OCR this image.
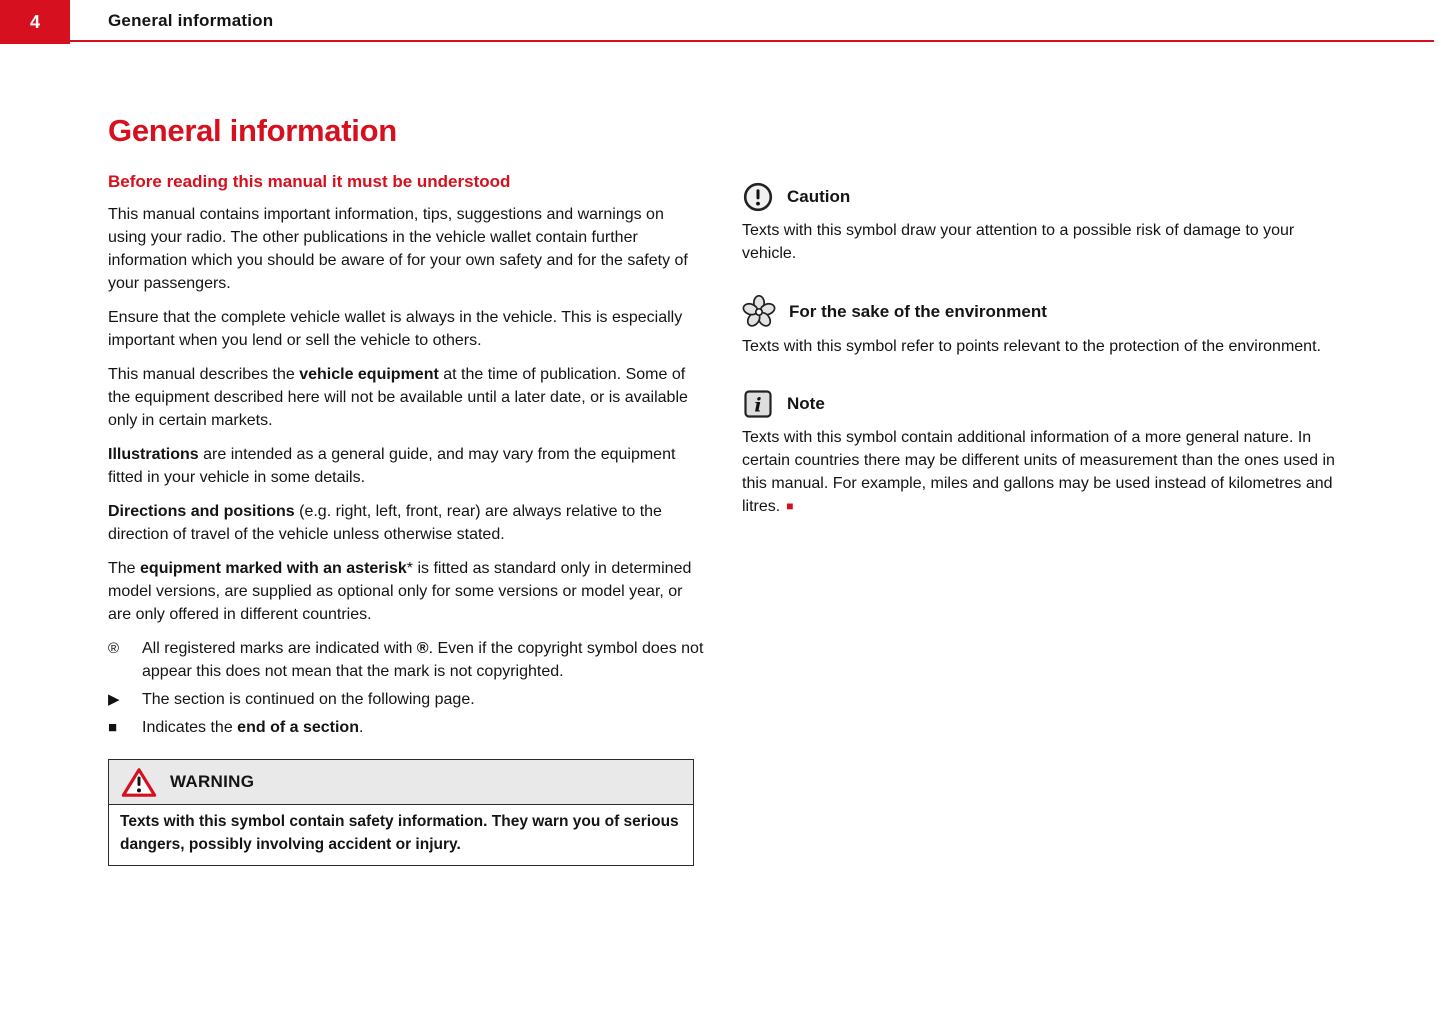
4	General information
General information
Before reading this manual it must be understood

This manual contains important information, tips, suggestions and warnings on using your radio. The other publications in the vehicle wallet contain further information which you should be aware of for your own safety and for the safety of your passengers.

Ensure that the complete vehicle wallet is always in the vehicle. This is especially important when you lend or sell the vehicle to others.

This manual describes the vehicle equipment at the time of publication. Some of the equipment described here will not be available until a later date, or is available only in certain markets.

Illustrations are intended as a general guide, and may vary from the equipment fitted in your vehicle in some details.

Directions and positions (e.g. right, left, front, rear) are always relative to the direction of travel of the vehicle unless otherwise stated.

The equipment marked with an asterisk* is fitted as standard only in determined model versions, are supplied as optional only for some versions or model year, or are only offered in different countries.

®	All registered marks are indicated with ®. Even if the copyright symbol does not appear this does not mean that the mark is not copyrighted.
▶	The section is continued on the following page.
■	Indicates the end of a section.
WARNING
Texts with this symbol contain safety information. They warn you of serious dangers, possibly involving accident or injury.
Caution

Texts with this symbol draw your attention to a possible risk of damage to your vehicle.

For the sake of the environment

Texts with this symbol refer to points relevant to the protection of the environment.

i Note

Texts with this symbol contain additional information of a more general nature. In certain countries there may be different units of measurement than the ones used in this manual. For example, miles and gallons may be used instead of kilometres and litres. ■
